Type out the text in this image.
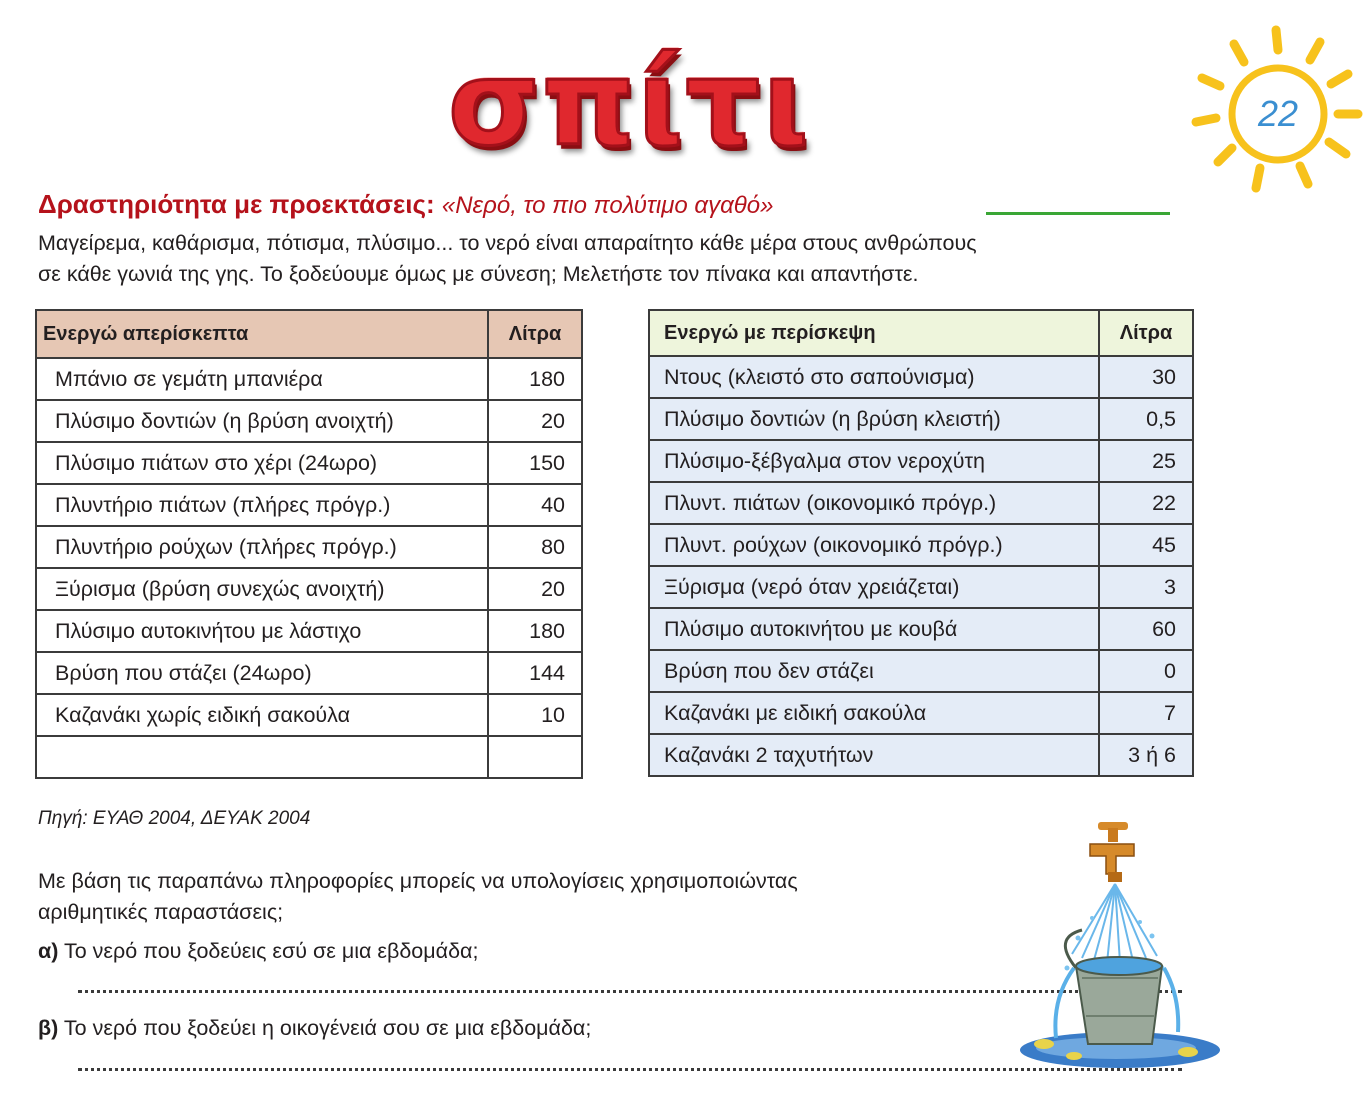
σπίτι	22
Δραστηριότητα με προεκτάσεις: «Νερό, το πιο πολύτιμο αγαθό»

Μαγείρεμα, καθάρισμα, πότισμα, πλύσιμο... το νερό είναι απαραίτητο κάθε μέρα στους ανθρώπους

σε κάθε γωνιά της γης. Το ξοδεύουμε όμως με σύνεση; Μελετήστε τον πίνακα και απαντήστε.

Ενεργώ απερίσκεπτα	Λίτρα
Μπάνιο σε γεμάτη μπανιέρα	180
Πλύσιμο δοντιών (η βρύση ανοιχτή)	20
Πλύσιμο πιάτων στο χέρι (24ωρο)	150
Πλυντήριο πιάτων (πλήρες πρόγρ.)	40
Πλυντήριο ρούχων (πλήρες πρόγρ.)	80
Ξύρισμα (βρύση συνεχώς ανοιχτή)	20
Πλύσιμο αυτοκινήτου με λάστιχο	180
Βρύση που στάζει (24ωρο)	144
Καζανάκι χωρίς ειδική σακούλα	10

Ενεργώ με περίσκεψη	Λίτρα
Ντους (κλειστό στο σαπούνισμα)	30
Πλύσιμο δοντιών (η βρύση κλειστή)	0,5
Πλύσιμο-ξέβγαλμα στον νεροχύτη	25
Πλυντ. πιάτων (οικονομικό πρόγρ.)	22
Πλυντ. ρούχων (οικονομικό πρόγρ.)	45
Ξύρισμα (νερό όταν χρειάζεται)	3
Πλύσιμο αυτοκινήτου με κουβά	60
Βρύση που δεν στάζει	0
Καζανάκι με ειδική σακούλα	7
Καζανάκι 2 ταχυτήτων	3 ή 6
Πηγή: ΕΥΑΘ 2004, ΔΕΥΑΚ 2004
Με βάση τις παραπάνω πληροφορίες μπορείς να υπολογίσεις χρησιμοποιώντας
αριθμητικές παραστάσεις;
α) Το νερό που ξοδεύεις εσύ σε μια εβδομάδα;
β) Το νερό που ξοδεύει η οικογένειά σου σε μια εβδομάδα;
